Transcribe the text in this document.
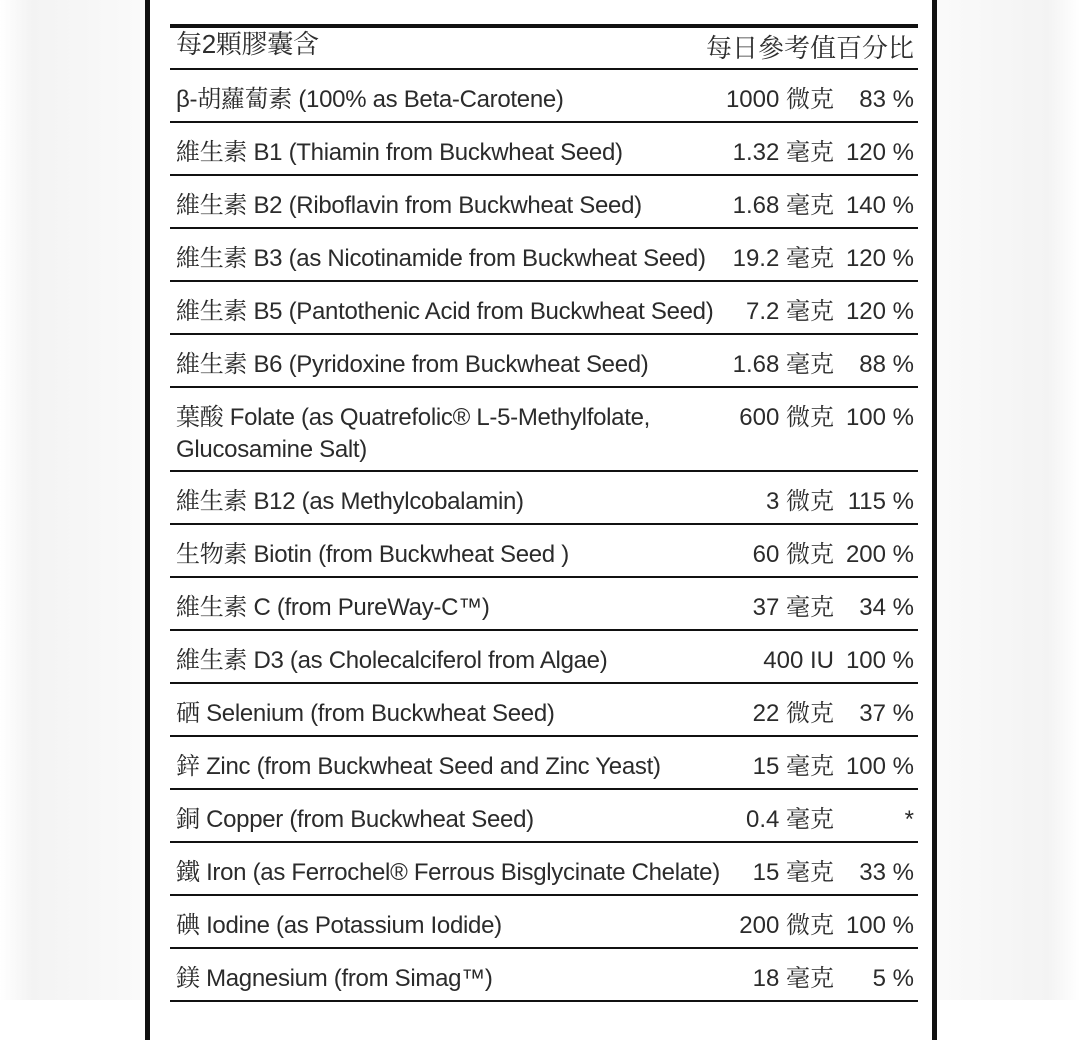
每2顆膠囊含	每日參考值百分比
β-胡蘿蔔素 (100% as Beta-Carotene)	1000 微克 83 %
維生素 B1 (Thiamin from Buckwheat Seed)	1.32 毫克 120 %
維生素 B2 (Riboflavin from Buckwheat Seed)	1.68 毫克 140 %
維生素 B3 (as Nicotinamide from Buckwheat Seed)	19.2 毫克 120 %
維生素 B5 (Pantothenic Acid from Buckwheat Seed) 7.2 毫克 120 %
維生素 B6 (Pyridoxine from Buckwheat Seed)	1.68 毫克 88 %
葉酸 Folate (as Quatrefolic® L-5-Methylfolate, Glucosamine Salt)
600 微克 100 %
維生素 B12 (as Methylcobalamin)	3 微克 115 %
生物素 Biotin (from Buckwheat Seed )	60 微克 200 %
維生素 C (from PureWay-C™)	37 毫克 34 %
維生素 D3 (as Cholecalciferol from Algae)	400 IU 100 %
硒 Selenium (from Buckwheat Seed)	22 微克 37 %
鋅 Zinc (from Buckwheat Seed and Zinc Yeast)	15 毫克 100 %
銅 Copper (from Buckwheat Seed)	0.4 毫克	*
鐵 Iron (as Ferrochel® Ferrous Bisglycinate Chelate) 15 毫克 33 %
碘 Iodine (as Potassium Iodide)	200 微克 100 %
鎂 Magnesium (from Simag™)	18 毫克 5 %
